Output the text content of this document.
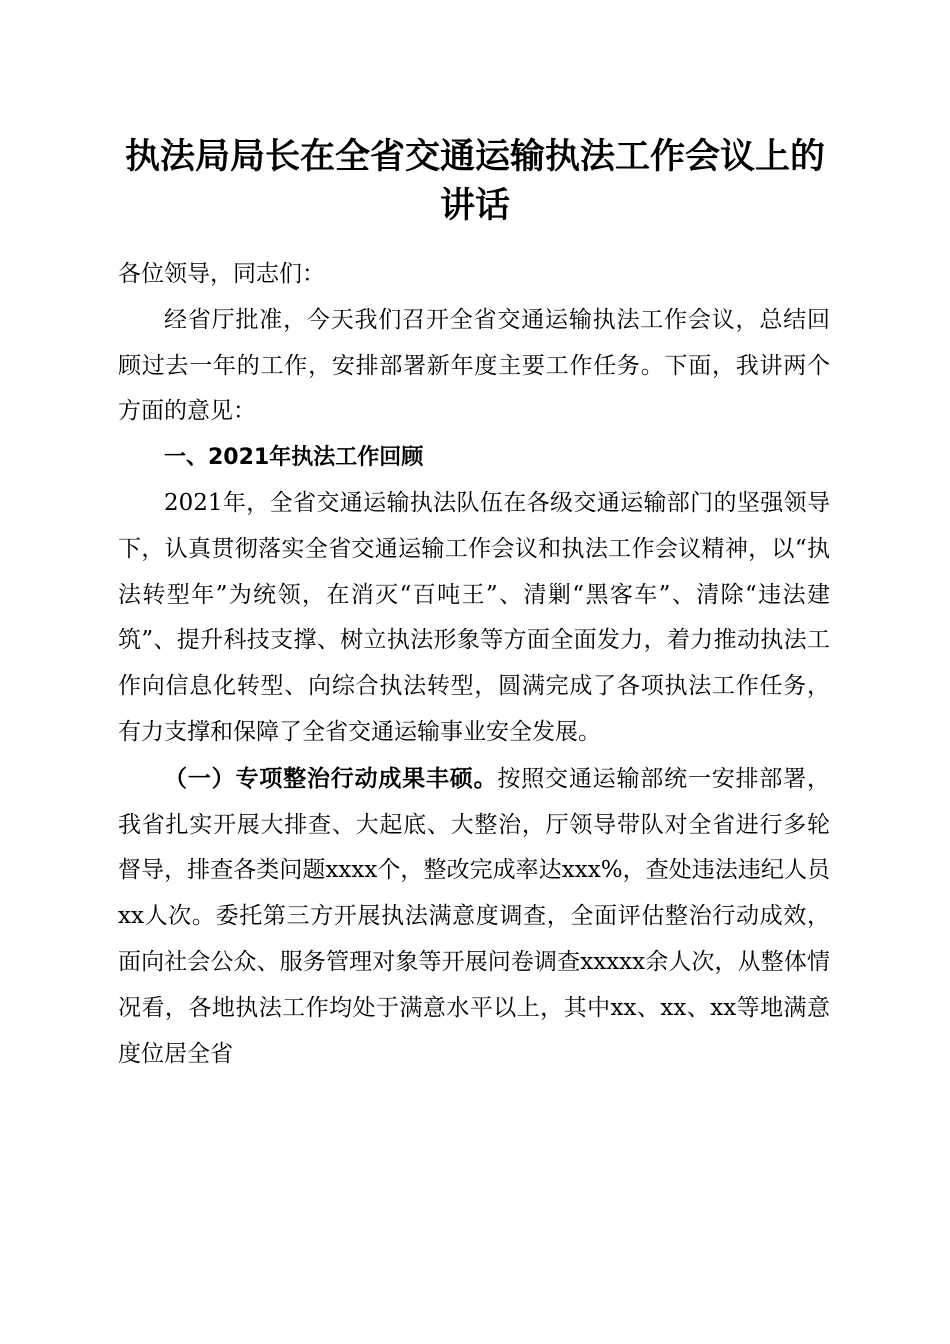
执法局局长在全省交通运输执法工作会议上的讲话

各位领导，同志们：

经省厅批准，今天我们召开全省交通运输执法工作会议，总结回顾过去一年的工作，安排部署新年度主要工作任务。下面，我讲两个方面的意见：

一、2021年执法工作回顾

2021年，全省交通运输执法队伍在各级交通运输部门的坚强领导下，认真贯彻落实全省交通运输工作会议和执法工作会议精神，以“执法转型年”为统领，在消灭“百吨王”、清剿“黑客车”、清除“违法建筑”、提升科技支撑、树立执法形象等方面全面发力，着力推动执法工作向信息化转型、向综合执法转型，圆满完成了各项执法工作任务，有力支撑和保障了全省交通运输事业安全发展。

（一）专项整治行动成果丰硕。按照交通运输部统一安排部署，我省扎实开展大排查、大起底、大整治，厅领导带队对全省进行多轮督导，排查各类问题xxxx个，整改完成率达xxx%，查处违法违纪人员xx人次。委托第三方开展执法满意度调查，全面评估整治行动成效，面向社会公众、服务管理对象等开展问卷调查xxxxx余人次，从整体情况看，各地执法工作均处于满意水平以上，其中xx、xx、xx等地满意度位居全省
